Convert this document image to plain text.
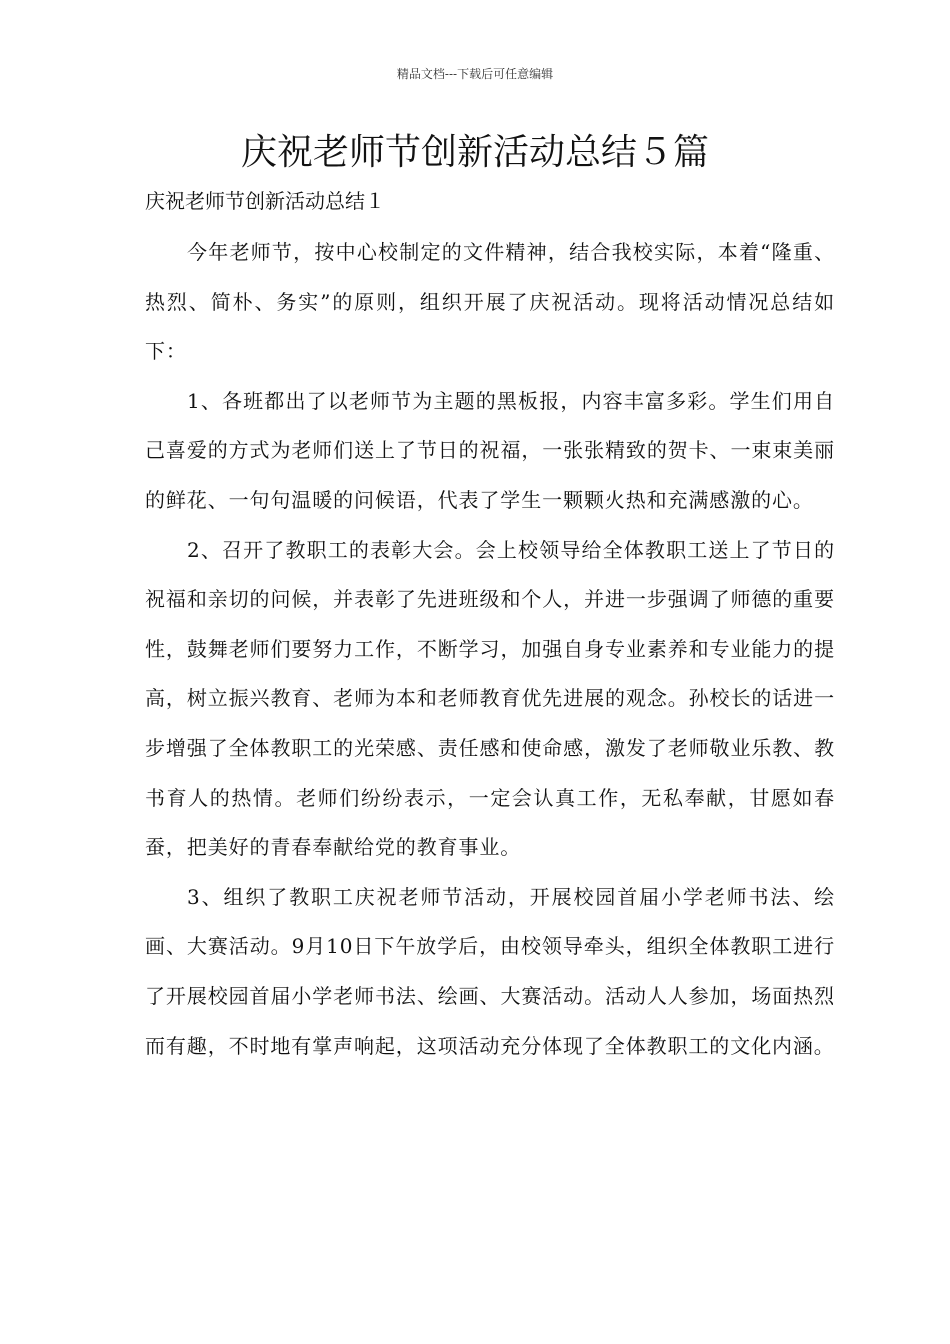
精品文档---下载后可任意编辑
庆祝老师节创新活动总结５篇

庆祝老师节创新活动总结１

今年老师节，按中心校制定的文件精神，结合我校实际，本着“隆重、热烈、简朴、务实”的原则，组织开展了庆祝活动。现将活动情况总结如下：

1、各班都出了以老师节为主题的黑板报，内容丰富多彩。学生们用自己喜爱的方式为老师们送上了节日的祝福，一张张精致的贺卡、一束束美丽的鲜花、一句句温暖的问候语，代表了学生一颗颗火热和充满感激的心。

2、召开了教职工的表彰大会。会上校领导给全体教职工送上了节日的祝福和亲切的问候，并表彰了先进班级和个人，并进一步强调了师德的重要性，鼓舞老师们要努力工作，不断学习，加强自身专业素养和专业能力的提高，树立振兴教育、老师为本和老师教育优先进展的观念。孙校长的话进一步增强了全体教职工的光荣感、责任感和使命感，激发了老师敬业乐教、教书育人的热情。老师们纷纷表示，一定会认真工作，无私奉献，甘愿如春蚕，把美好的青春奉献给党的教育事业。

3、组织了教职工庆祝老师节活动，开展校园首届小学老师书法、绘画、大赛活动。9月10日下午放学后，由校领导牵头，组织全体教职工进行了开展校园首届小学老师书法、绘画、大赛活动。活动人人参加，场面热烈而有趣，不时地有掌声响起，这项活动充分体现了全体教职工的文化内涵。
